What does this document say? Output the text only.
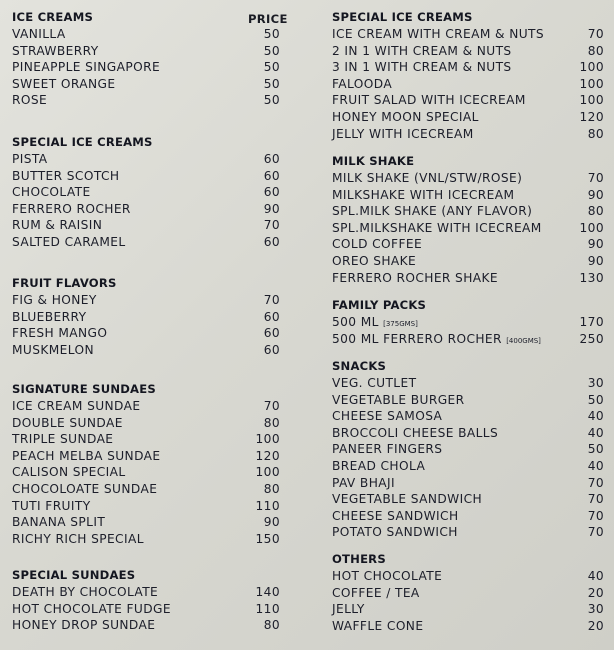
PRICE
ICE CREAMS
VANILLA	50
STRAWBERRY	50
PINEAPPLE SINGAPORE	50
SWEET ORANGE	50
ROSE	50
SPECIAL ICE CREAMS
PISTA	60
BUTTER SCOTCH	60
CHOCOLATE	60
FERRERO ROCHER	90
RUM & RAISIN	70
SALTED CARAMEL	60
FRUIT FLAVORS
FIG & HONEY	70
BLUEBERRY	60
FRESH MANGO	60
MUSKMELON	60
SIGNATURE SUNDAES
ICE CREAM SUNDAE	70
DOUBLE SUNDAE	80
TRIPLE SUNDAE	100
PEACH MELBA SUNDAE	120
CALISON SPECIAL	100
CHOCOLOATE SUNDAE	80
TUTI FRUITY	110
BANANA SPLIT	90
RICHY RICH SPECIAL	150
SPECIAL SUNDAES
DEATH BY CHOCOLATE	140
HOT CHOCOLATE FUDGE	110
HONEY DROP SUNDAE	80
SPECIAL ICE CREAMS
ICE CREAM WITH CREAM & NUTS	70
2 IN 1 WITH CREAM & NUTS	80
3 IN 1 WITH CREAM & NUTS	100
FALOODA	100
FRUIT SALAD WITH ICECREAM	100
HONEY MOON SPECIAL	120
JELLY WITH ICECREAM	80
MILK SHAKE
MILK SHAKE (VNL/STW/ROSE)	70
MILKSHAKE WITH ICECREAM	90
SPL.MILK SHAKE (ANY FLAVOR)	80
SPL.MILKSHAKE WITH ICECREAM	100
COLD COFFEE	90
OREO SHAKE	90
FERRERO ROCHER SHAKE	130
FAMILY PACKS
500 ML [375GMS]	170
500 ML FERRERO ROCHER [400GMS]	250
SNACKS
VEG. CUTLET	30
VEGETABLE BURGER	50
CHEESE SAMOSA	40
BROCCOLI CHEESE BALLS	40
PANEER FINGERS	50
BREAD CHOLA	40
PAV BHAJI	70
VEGETABLE SANDWICH	70
CHEESE SANDWICH	70
POTATO SANDWICH	70
OTHERS
HOT CHOCOLATE	40
COFFEE / TEA	20
JELLY	30
WAFFLE CONE	20
